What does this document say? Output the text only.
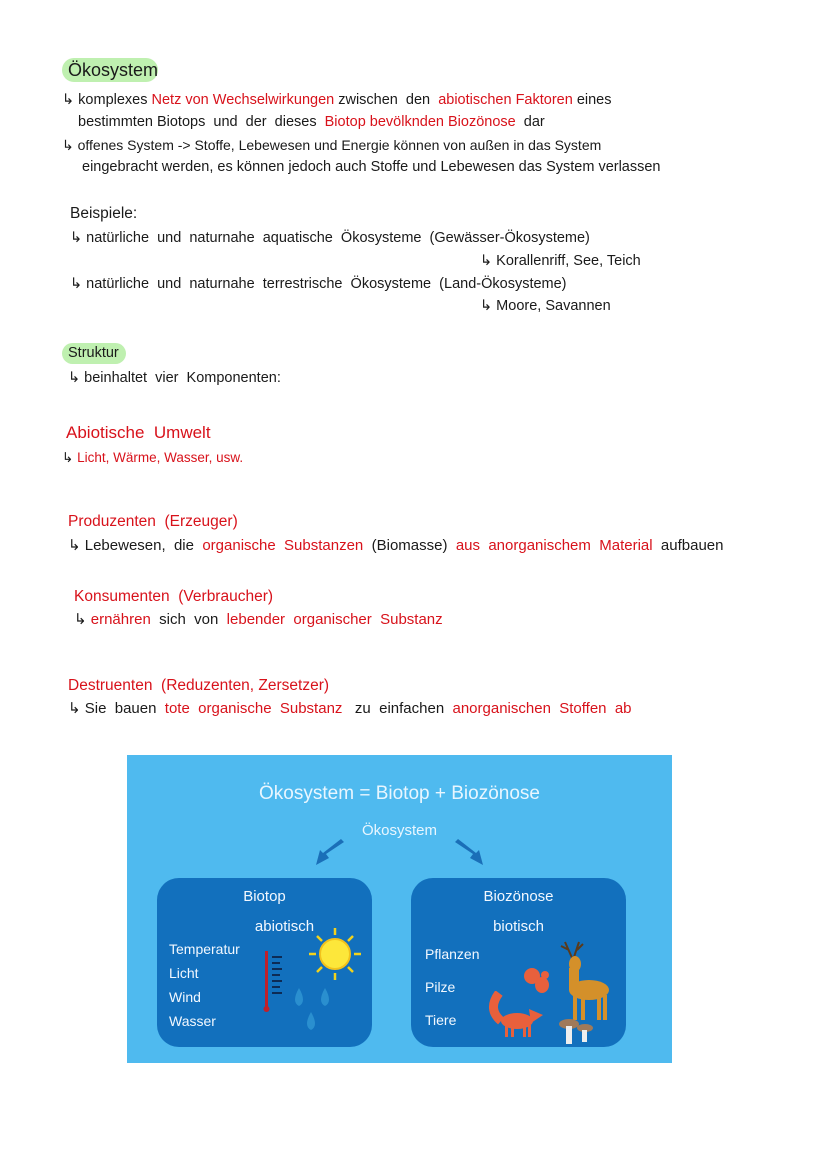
Ökosystem
↳ komplexes Netz von Wechselwirkungen zwischen  den  abiotischen Faktoren eines
bestimmten Biotops  und  der  dieses  Biotop bevölknden Biozönose  dar
↳ offenes System -> Stoffe, Lebewesen und Energie können von außen in das System
eingebracht werden, es können jedoch auch Stoffe und Lebewesen das System verlassen
Beispiele:
↳ natürliche  und  naturnahe  aquatische  Ökosysteme  (Gewässer-Ökosysteme)
↳ Korallenriff, See, Teich
↳ natürliche  und  naturnahe  terrestrische  Ökosysteme  (Land-Ökosysteme)
↳ Moore, Savannen
Struktur
↳ beinhaltet  vier  Komponenten:
Abiotische  Umwelt
↳ Licht, Wärme, Wasser, usw.
Produzenten  (Erzeuger)
↳ Lebewesen,  die  organische  Substanzen  (Biomasse)  aus  anorganischem  Material  aufbauen
Konsumenten  (Verbraucher)
↳ ernähren  sich  von  lebender  organischer  Substanz
Destruenten  (Reduzenten, Zersetzer)
↳ Sie  bauen  tote  organische  Substanz   zu  einfachen  anorganischen  Stoffen  ab
Ökosystem = Biotop + Biozönose
Ökosystem
Biotop
abiotisch
Temperatur
Licht
Wind
Wasser
Biozönose
biotisch
Pflanzen
Pilze
Tiere
